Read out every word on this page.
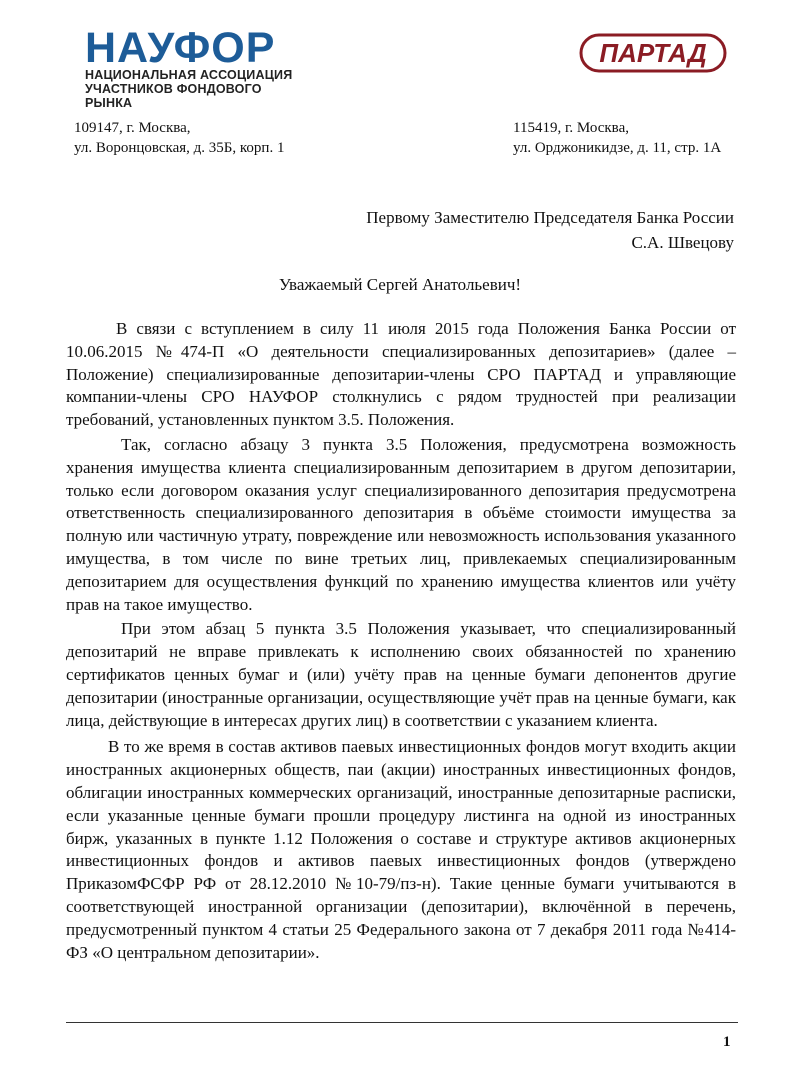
НАУФОР
НАЦИОНАЛЬНАЯ АССОЦИАЦИЯ
УЧАСТНИКОВ ФОНДОВОГО РЫНКА
ПАРТАД
109147, г. Москва,
ул. Воронцовская, д. 35Б, корп. 1
115419, г. Москва,
ул. Орджоникидзе, д. 11, стр. 1А
Первому Заместителю Председателя Банка России
С.А. Швецову
Уважаемый Сергей Анатольевич!

В связи с вступлением в силу 11 июля 2015 года Положения Банка России от 10.06.2015 №474-П «О деятельности специализированных депозитариев» (далее – Положение) специализированные депозитарии-члены СРО ПАРТАД и управляющие компании-члены СРО НАУФОР столкнулись с рядом трудностей при реализации требований, установленных пунктом 3.5. Положения.

Так, согласно абзацу 3 пункта 3.5 Положения, предусмотрена возможность хранения имущества клиента специализированным депозитарием в другом депозитарии, только если договором оказания услуг специализированного депозитария предусмотрена ответственность специализированного депозитария в объёме стоимости имущества за полную или частичную утрату, повреждение или невозможность использования указанного имущества, в том числе по вине третьих лиц, привлекаемых специализированным депозитарием для осуществления функций по хранению имущества клиентов или учёту прав на такое имущество.

При этом абзац 5 пункта 3.5 Положения указывает, что специализированный депозитарий не вправе привлекать к исполнению своих обязанностей по хранению сертификатов ценных бумаг и (или) учёту прав на ценные бумаги депонентов другие депозитарии (иностранные организации, осуществляющие учёт прав на ценные бумаги, как лица, действующие в интересах других лиц) в соответствии с указанием клиента.

В то же время в состав активов паевых инвестиционных фондов могут входить акции иностранных акционерных обществ, паи (акции) иностранных инвестиционных фондов, облигации иностранных коммерческих организаций, иностранные депозитарные расписки, если указанные ценные бумаги прошли процедуру листинга на одной из иностранных бирж, указанных в пункте 1.12 Положения о составе и структуре активов акционерных инвестиционных фондов и активов паевых инвестиционных фондов (утверждено ПриказомФСФР РФ от 28.12.2010 №10-79/пз-н). Такие ценные бумаги учитываются в соответствующей иностранной организации (депозитарии), включённой в перечень, предусмотренный пунктом 4 статьи 25 Федерального закона от 7 декабря 2011 года №414-ФЗ «О центральном депозитарии».

1
